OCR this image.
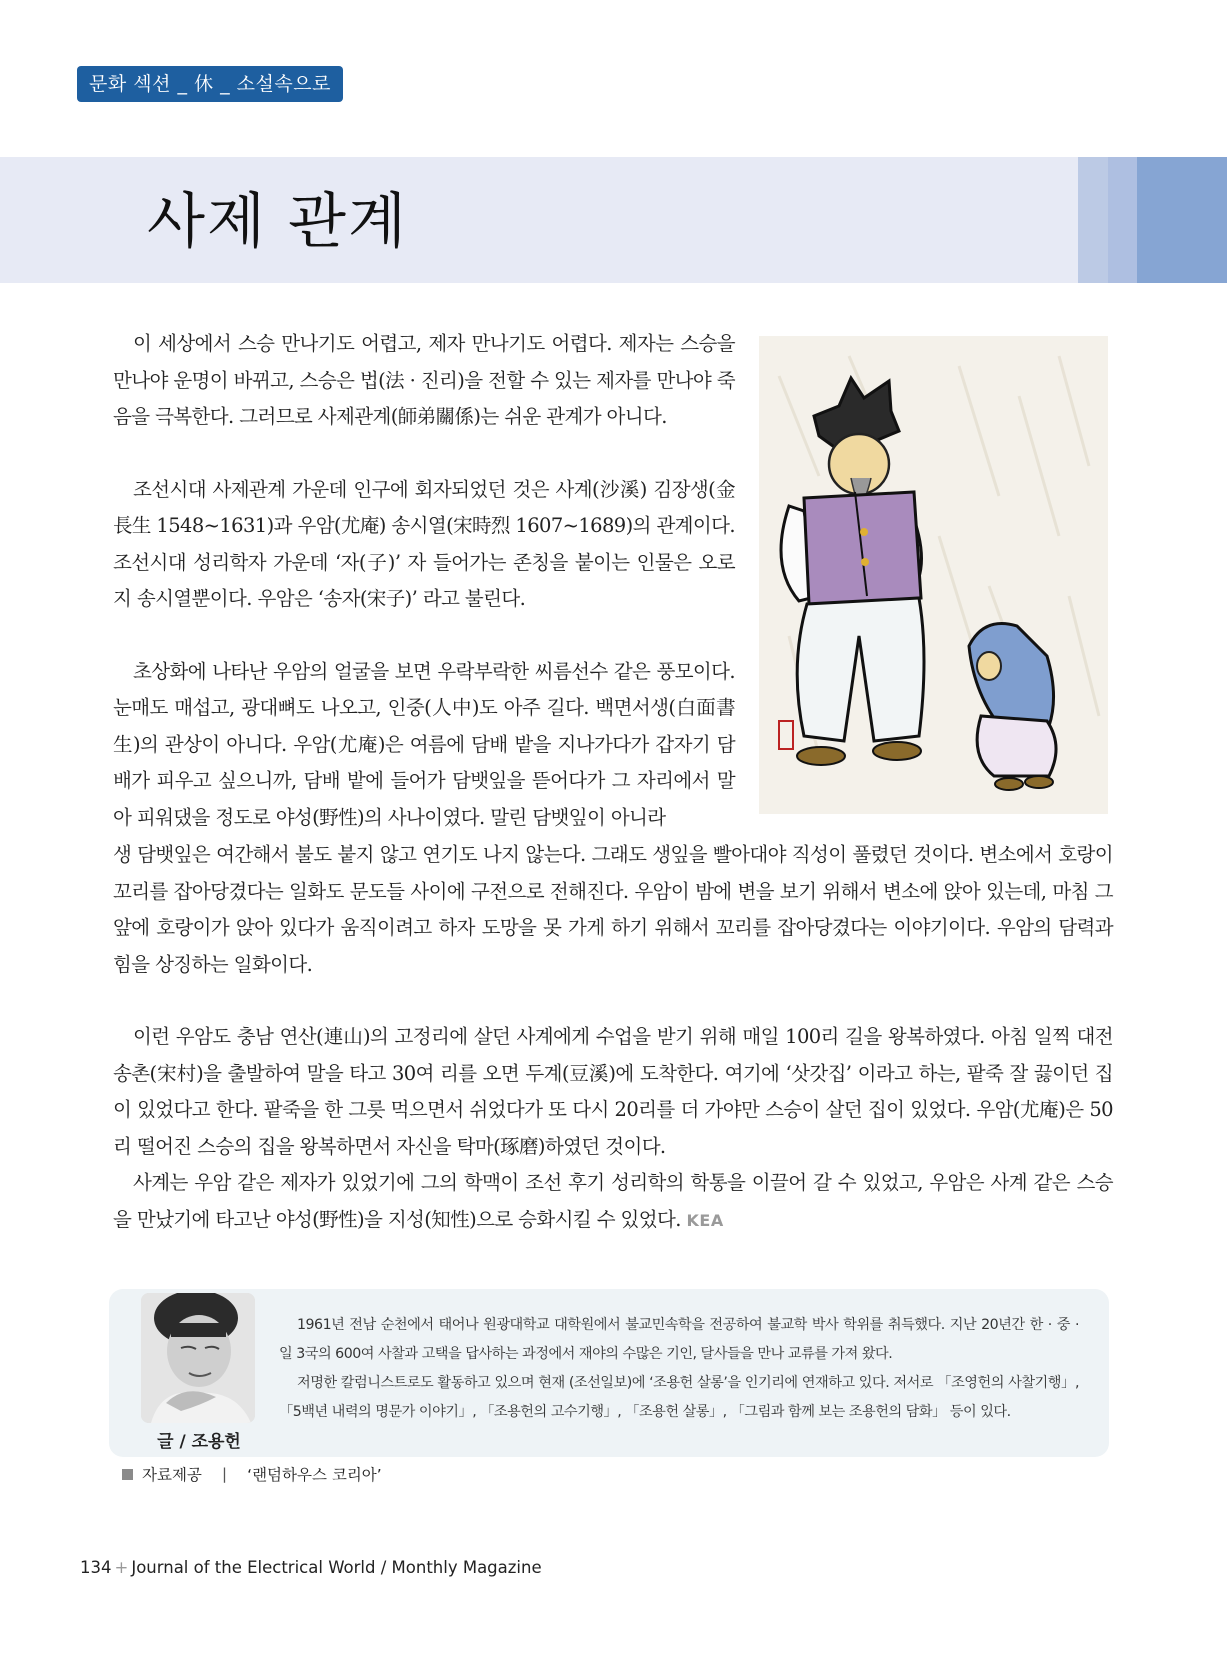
문화 섹션 _ 休 _ 소설속으로
사제 관계

이 세상에서 스승 만나기도 어렵고, 제자 만나기도 어렵다. 제자는 스승을 만나야 운명이 바뀌고, 스승은 법(法 · 진리)을 전할 수 있는 제자를 만나야 죽음을 극복한다. 그러므로 사제관계(師弟關係)는 쉬운 관계가 아니다.

조선시대 사제관계 가운데 인구에 회자되었던 것은 사계(沙溪) 김장생(金長生 1548~1631)과 우암(尤庵) 송시열(宋時烈 1607~1689)의 관계이다. 조선시대 성리학자 가운데 ‘자(子)’ 자 들어가는 존칭을 붙이는 인물은 오로지 송시열뿐이다. 우암은 ‘송자(宋子)’ 라고 불린다.

초상화에 나타난 우암의 얼굴을 보면 우락부락한 씨름선수 같은 풍모이다. 눈매도 매섭고, 광대뼈도 나오고, 인중(人中)도 아주 길다. 백면서생(白面書生)의 관상이 아니다. 우암(尤庵)은 여름에 담배 밭을 지나가다가 갑자기 담배가 피우고 싶으니까, 담배 밭에 들어가 담뱃잎을 뜯어다가 그 자리에서 말아 피워댔을 정도로 야성(野性)의 사나이였다. 말린 담뱃잎이 아니라

생 담뱃잎은 여간해서 불도 붙지 않고 연기도 나지 않는다. 그래도 생잎을 빨아대야 직성이 풀렸던 것이다. 변소에서 호랑이 꼬리를 잡아당겼다는 일화도 문도들 사이에 구전으로 전해진다. 우암이 밤에 변을 보기 위해서 변소에 앉아 있는데, 마침 그 앞에 호랑이가 앉아 있다가 움직이려고 하자 도망을 못 가게 하기 위해서 꼬리를 잡아당겼다는 이야기이다. 우암의 담력과 힘을 상징하는 일화이다.

이런 우암도 충남 연산(連山)의 고정리에 살던 사계에게 수업을 받기 위해 매일 100리 길을 왕복하였다. 아침 일찍 대전 송촌(宋村)을 출발하여 말을 타고 30여 리를 오면 두계(豆溪)에 도착한다. 여기에 ‘삿갓집’ 이라고 하는, 팥죽 잘 끓이던 집이 있었다고 한다. 팥죽을 한 그릇 먹으면서 쉬었다가 또 다시 20리를 더 가야만 스승이 살던 집이 있었다. 우암(尤庵)은 50리 떨어진 스승의 집을 왕복하면서 자신을 탁마(琢磨)하였던 것이다.

사계는 우암 같은 제자가 있었기에 그의 학맥이 조선 후기 성리학의 학통을 이끌어 갈 수 있었고, 우암은 사계 같은 스승을 만났기에 타고난 야성(野性)을 지성(知性)으로 승화시킬 수 있었다. KEA

글 / 조용헌

1961년 전남 순천에서 태어나 원광대학교 대학원에서 불교민속학을 전공하여 불교학 박사 학위를 취득했다. 지난 20년간 한 · 중 · 일 3국의 600여 사찰과 고택을 답사하는 과정에서 재야의 수많은 기인, 달사들을 만나 교류를 가져 왔다.

저명한 칼럼니스트로도 활동하고 있으며 현재 (조선일보)에 ‘조용헌 살롱’을 인기리에 연재하고 있다. 저서로 「조영헌의 사찰기행」, 「5백년 내력의 명문가 이야기」, 「조용헌의 고수기행」, 「조용헌 살롱」, 「그림과 함께 보는 조용헌의 담화」 등이 있다.

자료제공 | ‘랜덤하우스 코리아’
134 + Journal of the Electrical World / Monthly Magazine
